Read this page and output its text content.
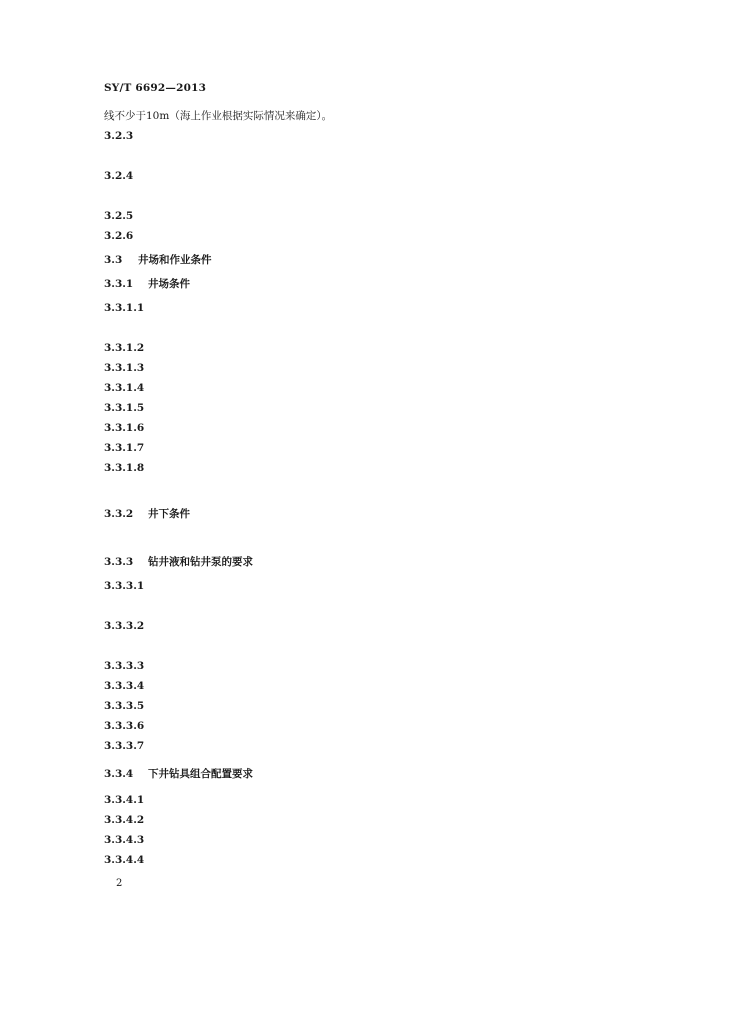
SY/T 6692—2013
线不少于10m（海上作业根据实际情况来确定）。
3.2.3
3.2.4
3.2.5
3.2.6
3.3 井场和作业条件
3.3.1 井场条件
3.3.1.1
3.3.1.2
3.3.1.3
3.3.1.4
3.3.1.5
3.3.1.6
3.3.1.7
3.3.1.8
3.3.2 井下条件
3.3.3 钻井液和钻井泵的要求
3.3.3.1
3.3.3.2
3.3.3.3
3.3.3.4
3.3.3.5
3.3.3.6
3.3.3.7
3.3.4 下井钻具组合配置要求
3.3.4.1
3.3.4.2
3.3.4.3
3.3.4.4
2
